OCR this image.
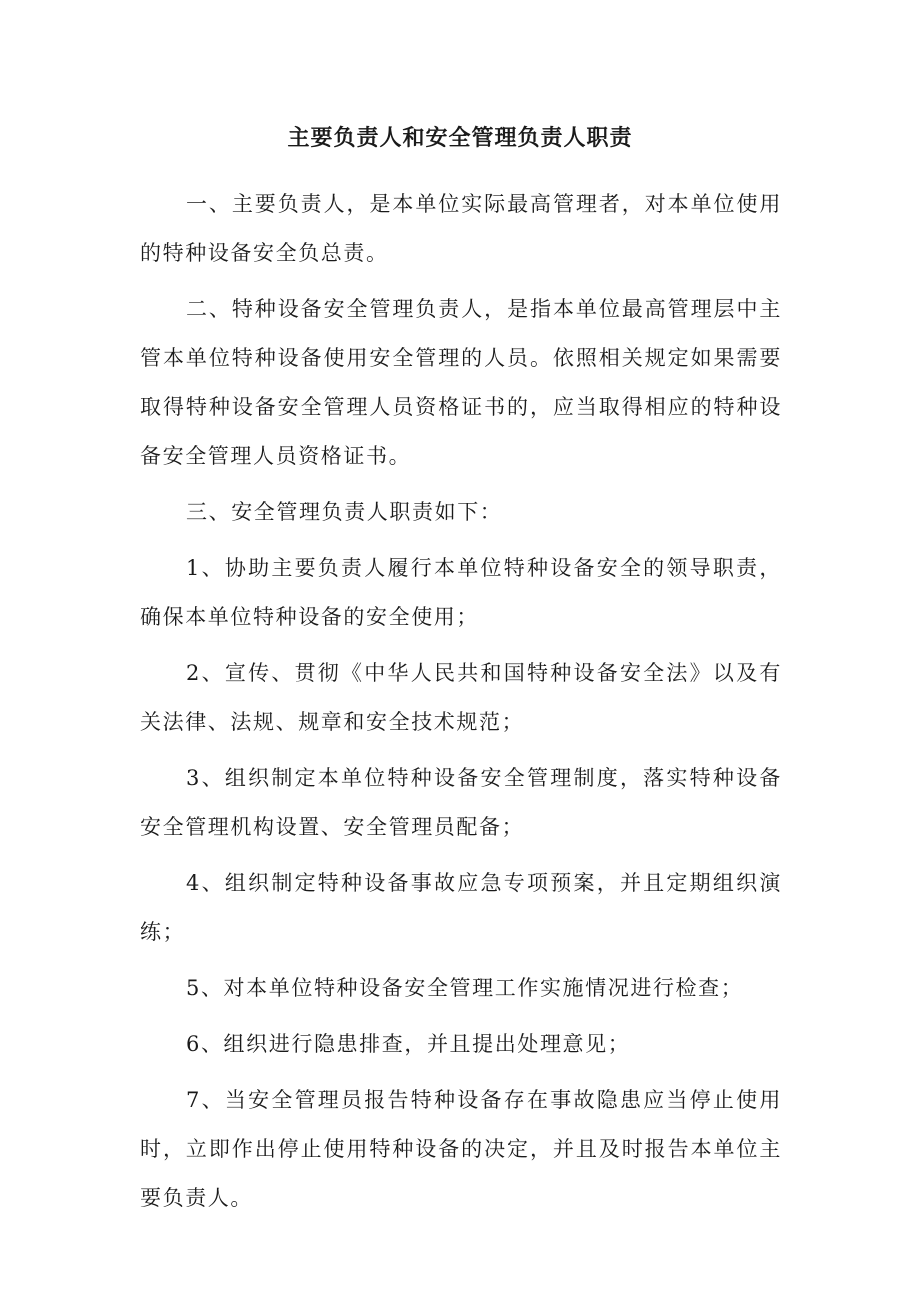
主要负责人和安全管理负责人职责

一、主要负责人，是本单位实际最高管理者，对本单位使用的特种设备安全负总责。

二、特种设备安全管理负责人，是指本单位最高管理层中主管本单位特种设备使用安全管理的人员。依照相关规定如果需要取得特种设备安全管理人员资格证书的，应当取得相应的特种设备安全管理人员资格证书。

三、安全管理负责人职责如下：

1、协助主要负责人履行本单位特种设备安全的领导职责，确保本单位特种设备的安全使用；

2、宣传、贯彻《中华人民共和国特种设备安全法》以及有关法律、法规、规章和安全技术规范；

3、组织制定本单位特种设备安全管理制度，落实特种设备安全管理机构设置、安全管理员配备；

4、组织制定特种设备事故应急专项预案，并且定期组织演练；

5、对本单位特种设备安全管理工作实施情况进行检查；

6、组织进行隐患排查，并且提出处理意见；

7、当安全管理员报告特种设备存在事故隐患应当停止使用时，立即作出停止使用特种设备的决定，并且及时报告本单位主要负责人。
